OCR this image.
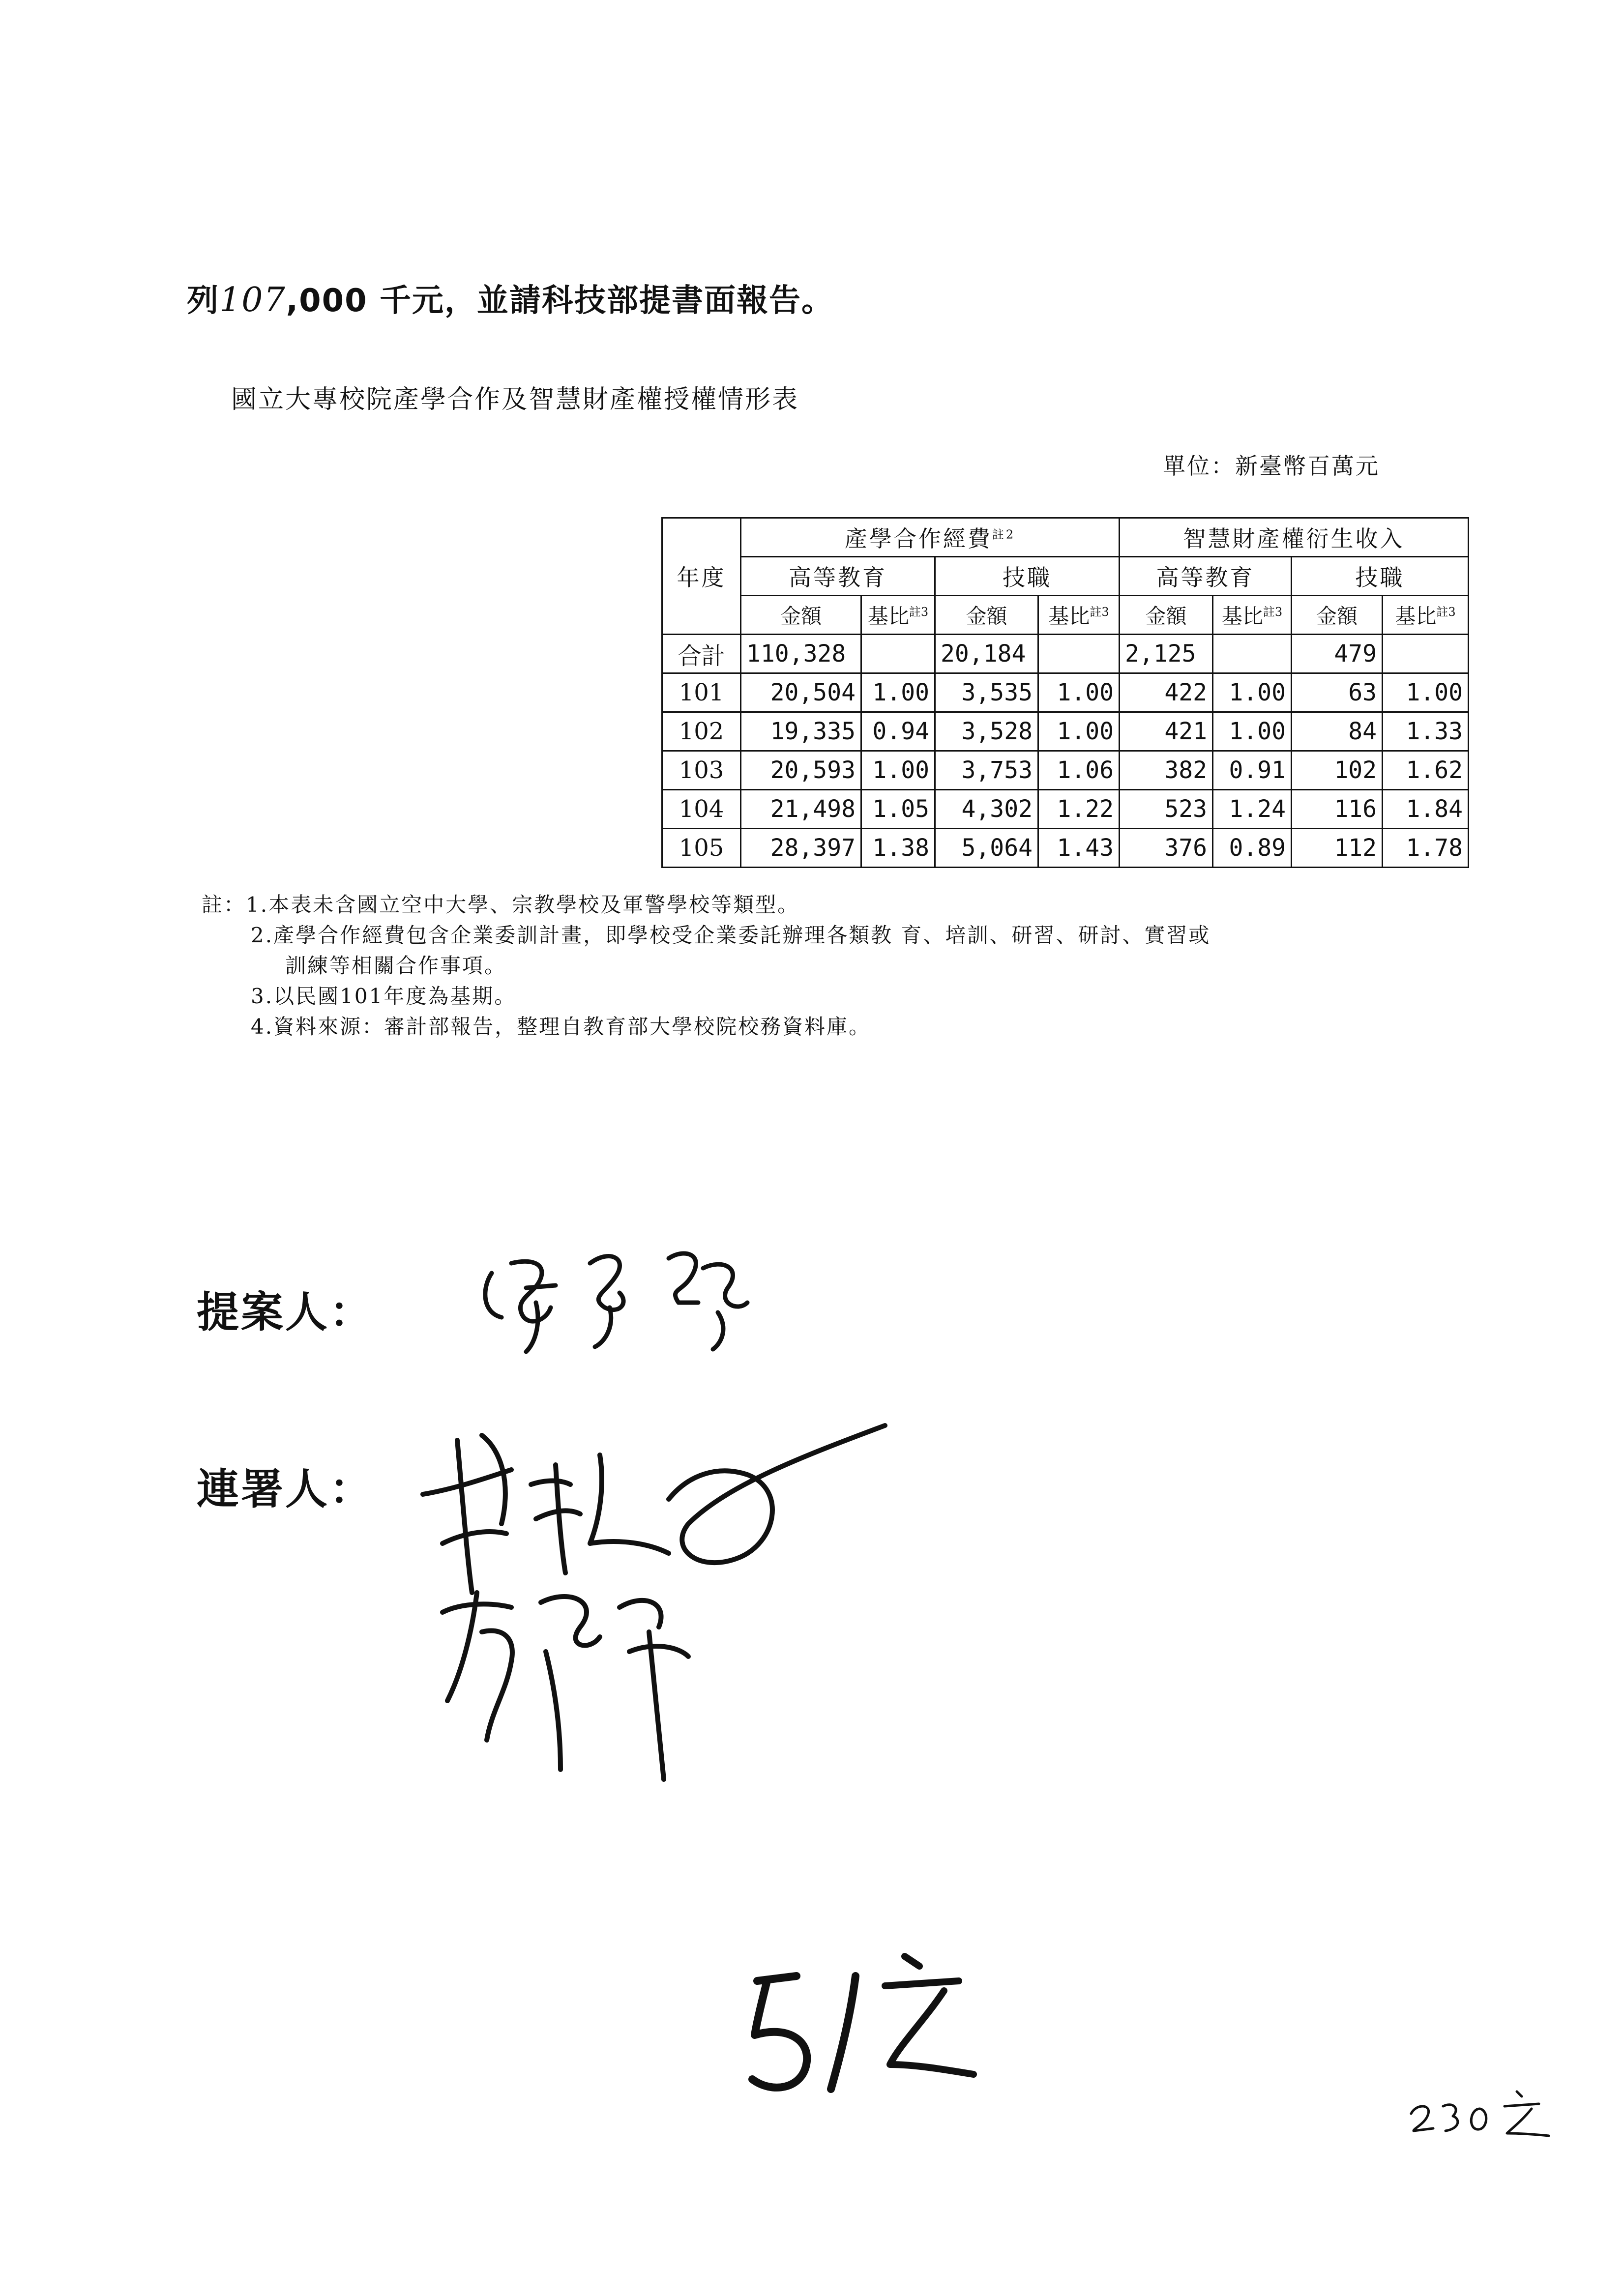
列107,000 千元，並請科技部提書面報告。
國立大專校院產學合作及智慧財產權授權情形表
單位：新臺幣百萬元
年度	產學合作經費$^{註2}$				智慧財產權衍生收入			
	高等教育		技職		高等教育		技職	
	金額	基比$^{註3}$	金額	基比$^{註3}$	金額	基比$^{註3}$	金額	基比$^{註3}$
合計	110,328		20,184		2,125		479	
101	20,504	1.00	3,535	1.00	422	1.00	63	1.00
102	19,335	0.94	3,528	1.00	421	1.00	84	1.33
103	20,593	1.00	3,753	1.06	382	0.91	102	1.62
104	21,498	1.05	4,302	1.22	523	1.24	116	1.84
105	28,397	1.38	5,064	1.43	376	0.89	112	1.78
註：1.本表未含國立空中大學、宗教學校及軍警學校等類型。
2.產學合作經費包含企業委訓計畫，即學校受企業委託辦理各類教 育、培訓、研習、研討、實習或
訓練等相關合作事項。
3.以民國101年度為基期。
4.資料來源：審計部報告，整理自教育部大學校院校務資料庫。
提案人：
連署人：
